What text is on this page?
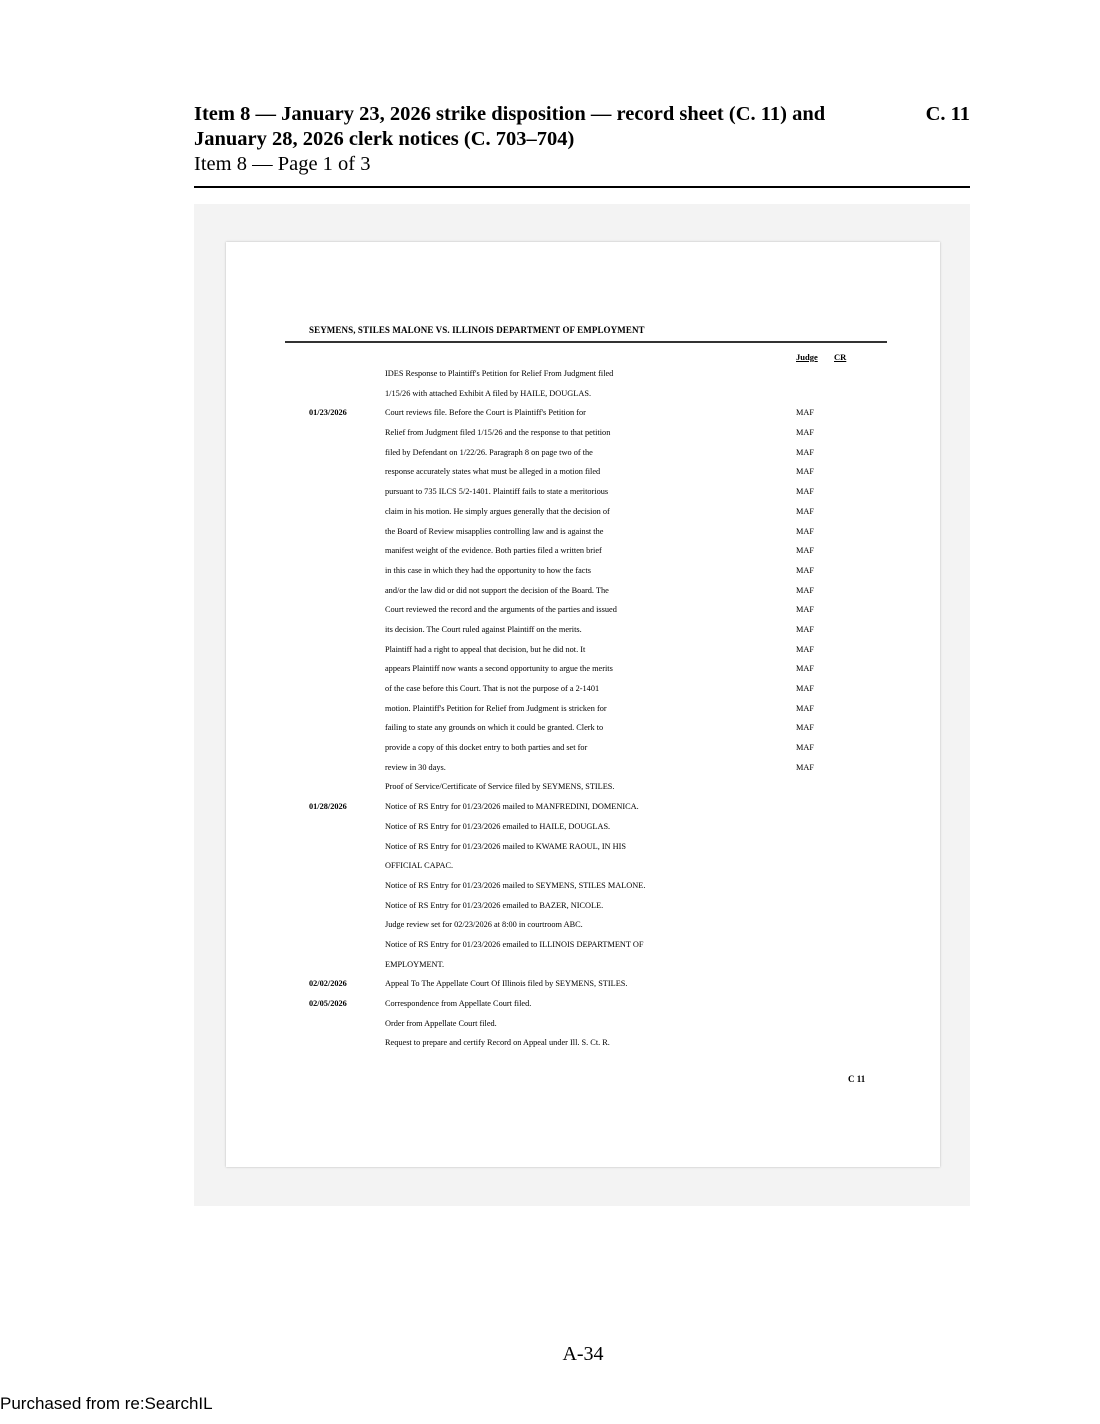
Item 8 — January 23, 2026 strike disposition — record sheet (C. 11) and January 28, 2026 clerk notices (C. 703–704)
C. 11
Item 8 — Page 1 of 3
SEYMENS, STILES MALONE VS. ILLINOIS DEPARTMENT OF EMPLOYMENT
Judge CR
IDES Response to Plaintiff's Petition for Relief From Judgment filed
1/15/26 with attached Exhibit A filed by HAILE, DOUGLAS.
01/23/2026	Court reviews file. Before the Court is Plaintiff's Petition for	MAF
Relief from Judgment filed 1/15/26 and the response to that petition	MAF
filed by Defendant on 1/22/26. Paragraph 8 on page two of the	MAF
response accurately states what must be alleged in a motion filed	MAF
pursuant to 735 ILCS 5/2-1401. Plaintiff fails to state a meritorious	MAF
claim in his motion. He simply argues generally that the decision of	MAF
the Board of Review misapplies controlling law and is against the	MAF
manifest weight of the evidence. Both parties filed a written brief	MAF
in this case in which they had the opportunity to how the facts	MAF
and/or the law did or did not support the decision of the Board. The	MAF
Court reviewed the record and the arguments of the parties and issued	MAF
its decision. The Court ruled against Plaintiff on the merits.	MAF
Plaintiff had a right to appeal that decision, but he did not. It	MAF
appears Plaintiff now wants a second opportunity to argue the merits	MAF
of the case before this Court. That is not the purpose of a 2-1401	MAF
motion. Plaintiff's Petition for Relief from Judgment is stricken for	MAF
failing to state any grounds on which it could be granted. Clerk to	MAF
provide a copy of this docket entry to both parties and set for	MAF
review in 30 days.	MAF
Proof of Service/Certificate of Service filed by SEYMENS, STILES.
01/28/2026	Notice of RS Entry for 01/23/2026 mailed to MANFREDINI, DOMENICA.
Notice of RS Entry for 01/23/2026 emailed to HAILE, DOUGLAS.
Notice of RS Entry for 01/23/2026 mailed to KWAME RAOUL, IN HIS
OFFICIAL CAPAC.
Notice of RS Entry for 01/23/2026 mailed to SEYMENS, STILES MALONE.
Notice of RS Entry for 01/23/2026 emailed to BAZER, NICOLE.
Judge review set for 02/23/2026 at 8:00 in courtroom ABC.
Notice of RS Entry for 01/23/2026 emailed to ILLINOIS DEPARTMENT OF
EMPLOYMENT.
02/02/2026	Appeal To The Appellate Court Of Illinois filed by SEYMENS, STILES.
02/05/2026	Correspondence from Appellate Court filed.
Order from Appellate Court filed.
Request to prepare and certify Record on Appeal under Ill. S. Ct. R.
C 11
A-34
Purchased from re:SearchIL
